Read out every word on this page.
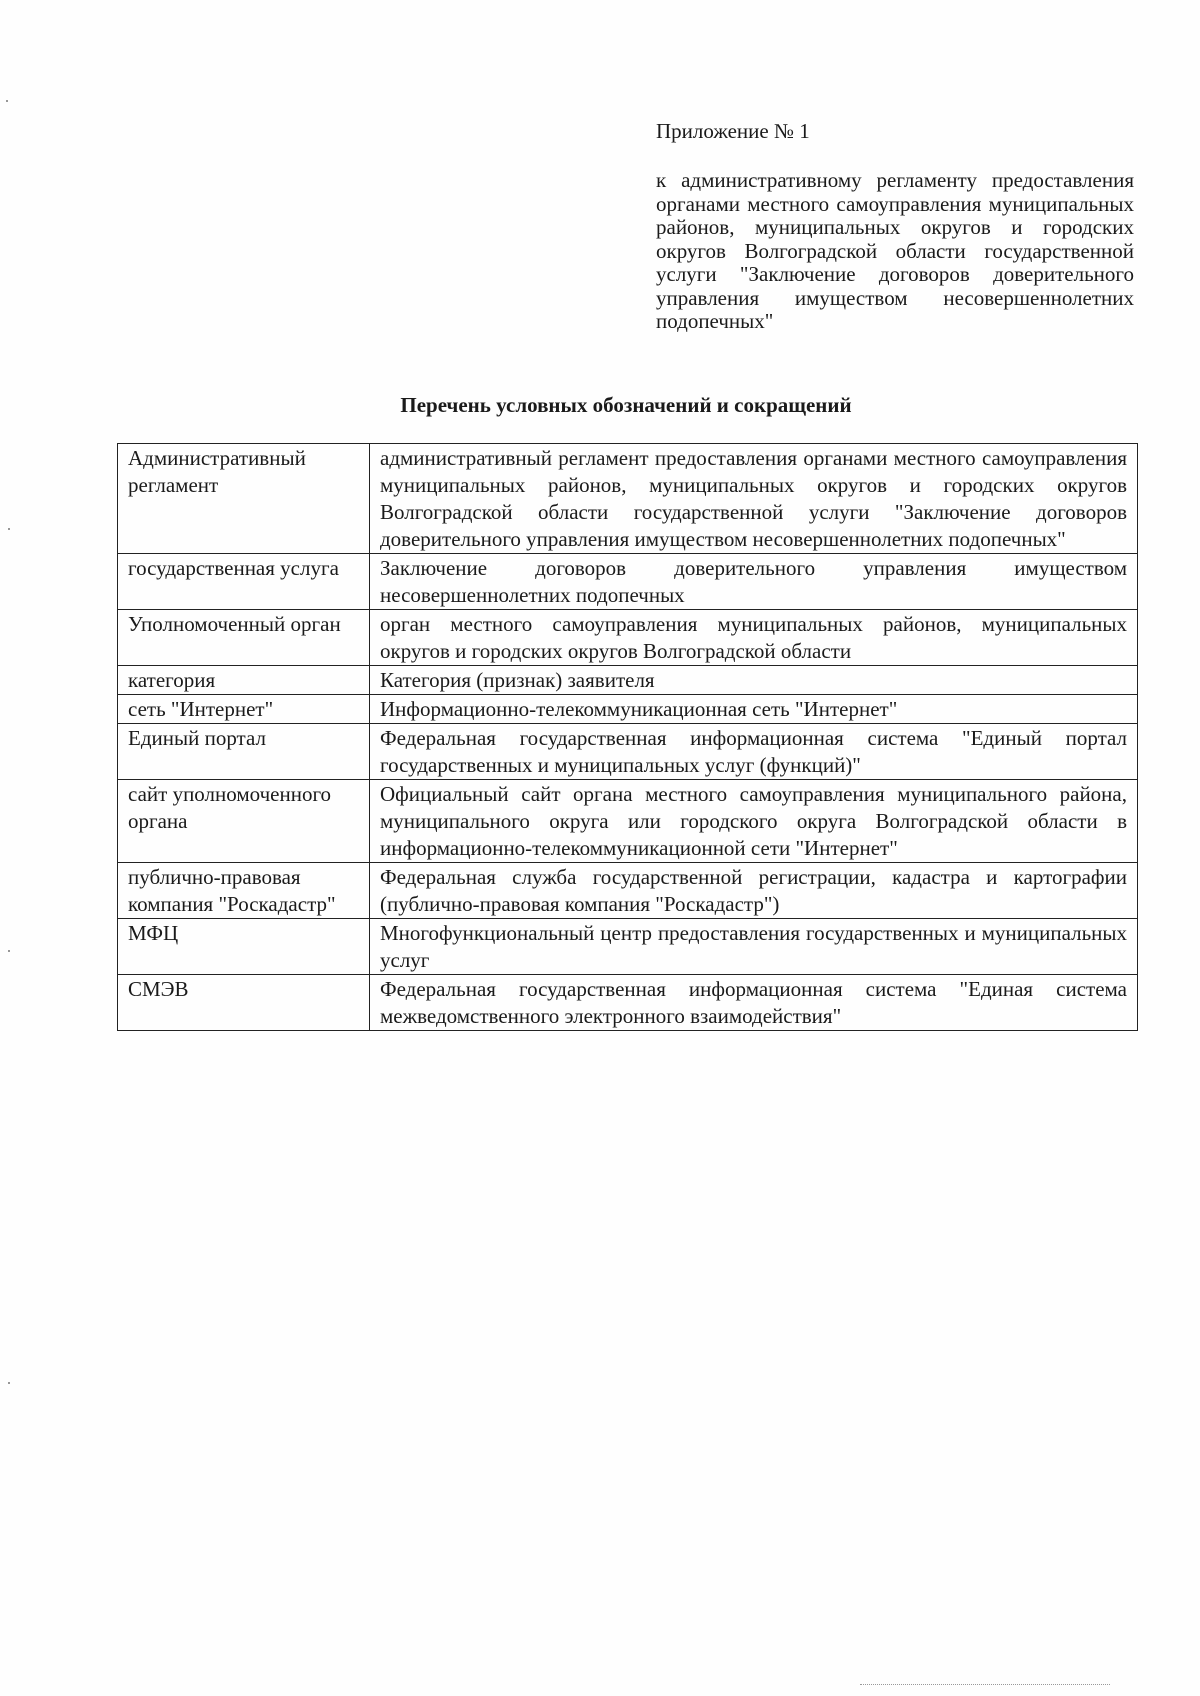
Приложение № 1

к административному регламенту предоставления органами местного самоуправления муниципальных районов, муниципальных округов и городских округов Волгоградской области государственной услуги "Заключение договоров доверительного управления имуществом несовершеннолетних подопечных"

Перечень условных обозначений и сокращений
Административный регламент	административный регламент предоставления органами местного самоуправления муниципальных районов, муниципальных округов и городских округов Волгоградской области государственной услуги "Заключение договоров доверительного управления имуществом несовершеннолетних подопечных"
государственная услуга	Заключение договоров доверительного управления имуществом несовершеннолетних подопечных
Уполномоченный орган	орган местного самоуправления муниципальных районов, муниципальных округов и городских округов Волгоградской области
категория	Категория (признак) заявителя
сеть "Интернет"	Информационно-телекоммуникационная сеть "Интернет"
Единый портал	Федеральная государственная информационная система "Единый портал государственных и муниципальных услуг (функций)"
сайт уполномоченного органа	Официальный сайт органа местного самоуправления муниципального района, муниципального округа или городского округа Волгоградской области в информационно-телекоммуникационной сети "Интернет"
публично-правовая компания "Роскадастр"	Федеральная служба государственной регистрации, кадастра и картографии (публично-правовая компания "Роскадастр")
МФЦ	Многофункциональный центр предоставления государственных и муниципальных услуг
СМЭВ	Федеральная государственная информационная система "Единая система межведомственного электронного взаимодействия"
